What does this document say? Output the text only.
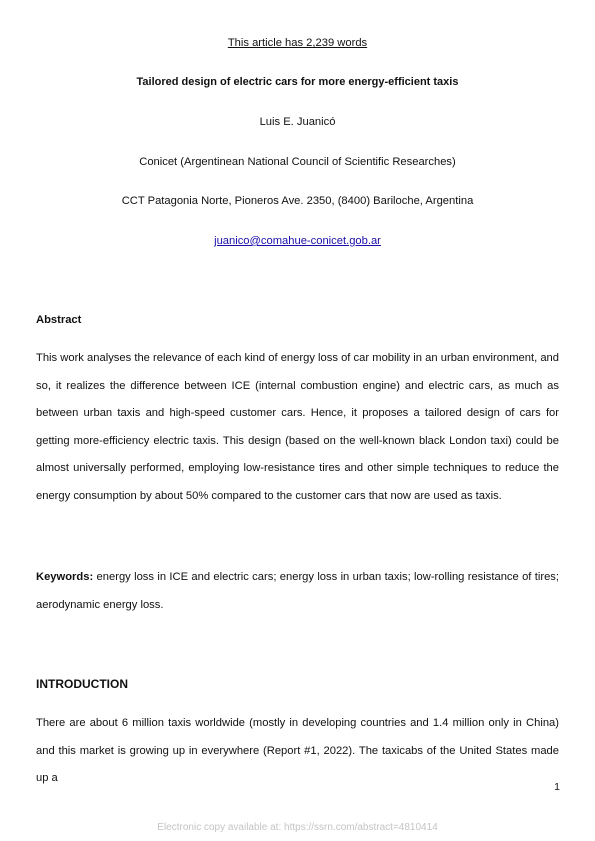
This article has 2,239 words
Tailored design of electric cars for more energy-efficient taxis
Luis E. Juanicó
Conicet (Argentinean National Council of Scientific Researches)
CCT Patagonia Norte, Pioneros Ave. 2350, (8400) Bariloche, Argentina
juanico@comahue-conicet.gob.ar
Abstract
This work analyses the relevance of each kind of energy loss of car mobility in an urban environment, and so, it realizes the difference between ICE (internal combustion engine) and electric cars, as much as between urban taxis and high-speed customer cars. Hence, it proposes a tailored design of cars for getting more-efficiency electric taxis. This design (based on the well-known black London taxi) could be almost universally performed, employing low-resistance tires and other simple techniques to reduce the energy consumption by about 50% compared to the customer cars that now are used as taxis.
Keywords: energy loss in ICE and electric cars; energy loss in urban taxis; low-rolling resistance of tires; aerodynamic energy loss.
INTRODUCTION
There are about 6 million taxis worldwide (mostly in developing countries and 1.4 million only in China) and this market is growing up in everywhere (Report #1, 2022). The taxicabs of the United States made up a
1
Electronic copy available at: https://ssrn.com/abstract=4810414
